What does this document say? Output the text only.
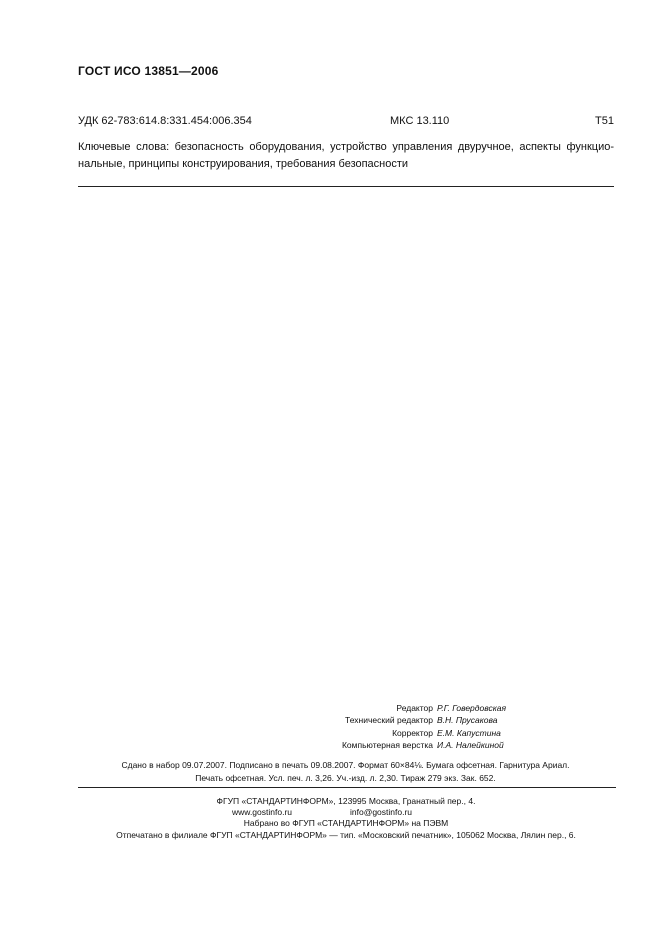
ГОСТ ИСО 13851—2006
УДК 62-783:614.8:331.454:006.354	МКС 13.110	Т51
Ключевые слова: безопасность оборудования, устройство управления двуручное, аспекты функцио-
нальные, принципы конструирования, требования безопасности
Редактор Р.Г. Говердовская
Технический редактор В.Н. Прусакова
Корректор Е.М. Капустина
Компьютерная верстка И.А. Налейкиной
Сдано в набор 09.07.2007. Подписано в печать 09.08.2007. Формат 60×84⅛. Бумага офсетная. Гарнитура Ариал.
Печать офсетная. Усл. печ. л. 3,26. Уч.-изд. л. 2,30. Тираж 279 экз. Зак. 652.
ФГУП «СТАНДАРТИНФОРМ», 123995 Москва, Гранатный пер., 4.
www.gostinfo.ru	info@gostinfo.ru
Набрано во ФГУП «СТАНДАРТИНФОРМ» на ПЭВМ
Отпечатано в филиале ФГУП «СТАНДАРТИНФОРМ» — тип. «Московский печатник», 105062 Москва, Лялин пер., 6.
